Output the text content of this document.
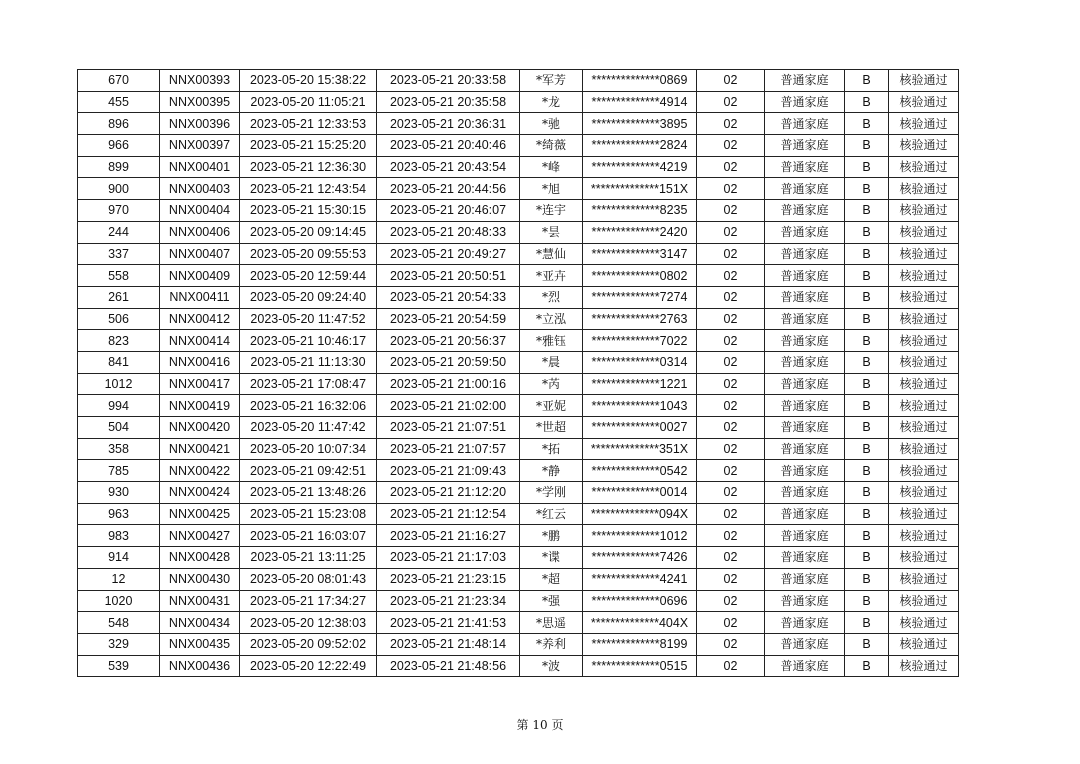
670	NNX00393	2023-05-20 15:38:22	2023-05-21 20:33:58	*军芳	**************0869	02	普通家庭	B	核验通过
455	NNX00395	2023-05-20 11:05:21	2023-05-21 20:35:58	*龙	**************4914	02	普通家庭	B	核验通过
896	NNX00396	2023-05-21 12:33:53	2023-05-21 20:36:31	*驰	**************3895	02	普通家庭	B	核验通过
966	NNX00397	2023-05-21 15:25:20	2023-05-21 20:40:46	*绮薇	**************2824	02	普通家庭	B	核验通过
899	NNX00401	2023-05-21 12:36:30	2023-05-21 20:43:54	*峰	**************4219	02	普通家庭	B	核验通过
900	NNX00403	2023-05-21 12:43:54	2023-05-21 20:44:56	*旭	**************151X	02	普通家庭	B	核验通过
970	NNX00404	2023-05-21 15:30:15	2023-05-21 20:46:07	*连宇	**************8235	02	普通家庭	B	核验通过
244	NNX00406	2023-05-20 09:14:45	2023-05-21 20:48:33	*昙	**************2420	02	普通家庭	B	核验通过
337	NNX00407	2023-05-20 09:55:53	2023-05-21 20:49:27	*慧仙	**************3147	02	普通家庭	B	核验通过
558	NNX00409	2023-05-20 12:59:44	2023-05-21 20:50:51	*亚卉	**************0802	02	普通家庭	B	核验通过
261	NNX00411	2023-05-20 09:24:40	2023-05-21 20:54:33	*烈	**************7274	02	普通家庭	B	核验通过
506	NNX00412	2023-05-20 11:47:52	2023-05-21 20:54:59	*立泓	**************2763	02	普通家庭	B	核验通过
823	NNX00414	2023-05-21 10:46:17	2023-05-21 20:56:37	*雅钰	**************7022	02	普通家庭	B	核验通过
841	NNX00416	2023-05-21 11:13:30	2023-05-21 20:59:50	*晨	**************0314	02	普通家庭	B	核验通过
1012	NNX00417	2023-05-21 17:08:47	2023-05-21 21:00:16	*芮	**************1221	02	普通家庭	B	核验通过
994	NNX00419	2023-05-21 16:32:06	2023-05-21 21:02:00	*亚妮	**************1043	02	普通家庭	B	核验通过
504	NNX00420	2023-05-20 11:47:42	2023-05-21 21:07:51	*世超	**************0027	02	普通家庭	B	核验通过
358	NNX00421	2023-05-20 10:07:34	2023-05-21 21:07:57	*拓	**************351X	02	普通家庭	B	核验通过
785	NNX00422	2023-05-21 09:42:51	2023-05-21 21:09:43	*静	**************0542	02	普通家庭	B	核验通过
930	NNX00424	2023-05-21 13:48:26	2023-05-21 21:12:20	*学刚	**************0014	02	普通家庭	B	核验通过
963	NNX00425	2023-05-21 15:23:08	2023-05-21 21:12:54	*红云	**************094X	02	普通家庭	B	核验通过
983	NNX00427	2023-05-21 16:03:07	2023-05-21 21:16:27	*鹏	**************1012	02	普通家庭	B	核验通过
914	NNX00428	2023-05-21 13:11:25	2023-05-21 21:17:03	*谍	**************7426	02	普通家庭	B	核验通过
12	NNX00430	2023-05-20 08:01:43	2023-05-21 21:23:15	*超	**************4241	02	普通家庭	B	核验通过
1020	NNX00431	2023-05-21 17:34:27	2023-05-21 21:23:34	*强	**************0696	02	普通家庭	B	核验通过
548	NNX00434	2023-05-20 12:38:03	2023-05-21 21:41:53	*思遥	**************404X	02	普通家庭	B	核验通过
329	NNX00435	2023-05-20 09:52:02	2023-05-21 21:48:14	*养利	**************8199	02	普通家庭	B	核验通过
539	NNX00436	2023-05-20 12:22:49	2023-05-21 21:48:56	*波	**************0515	02	普通家庭	B	核验通过
第 10 页
